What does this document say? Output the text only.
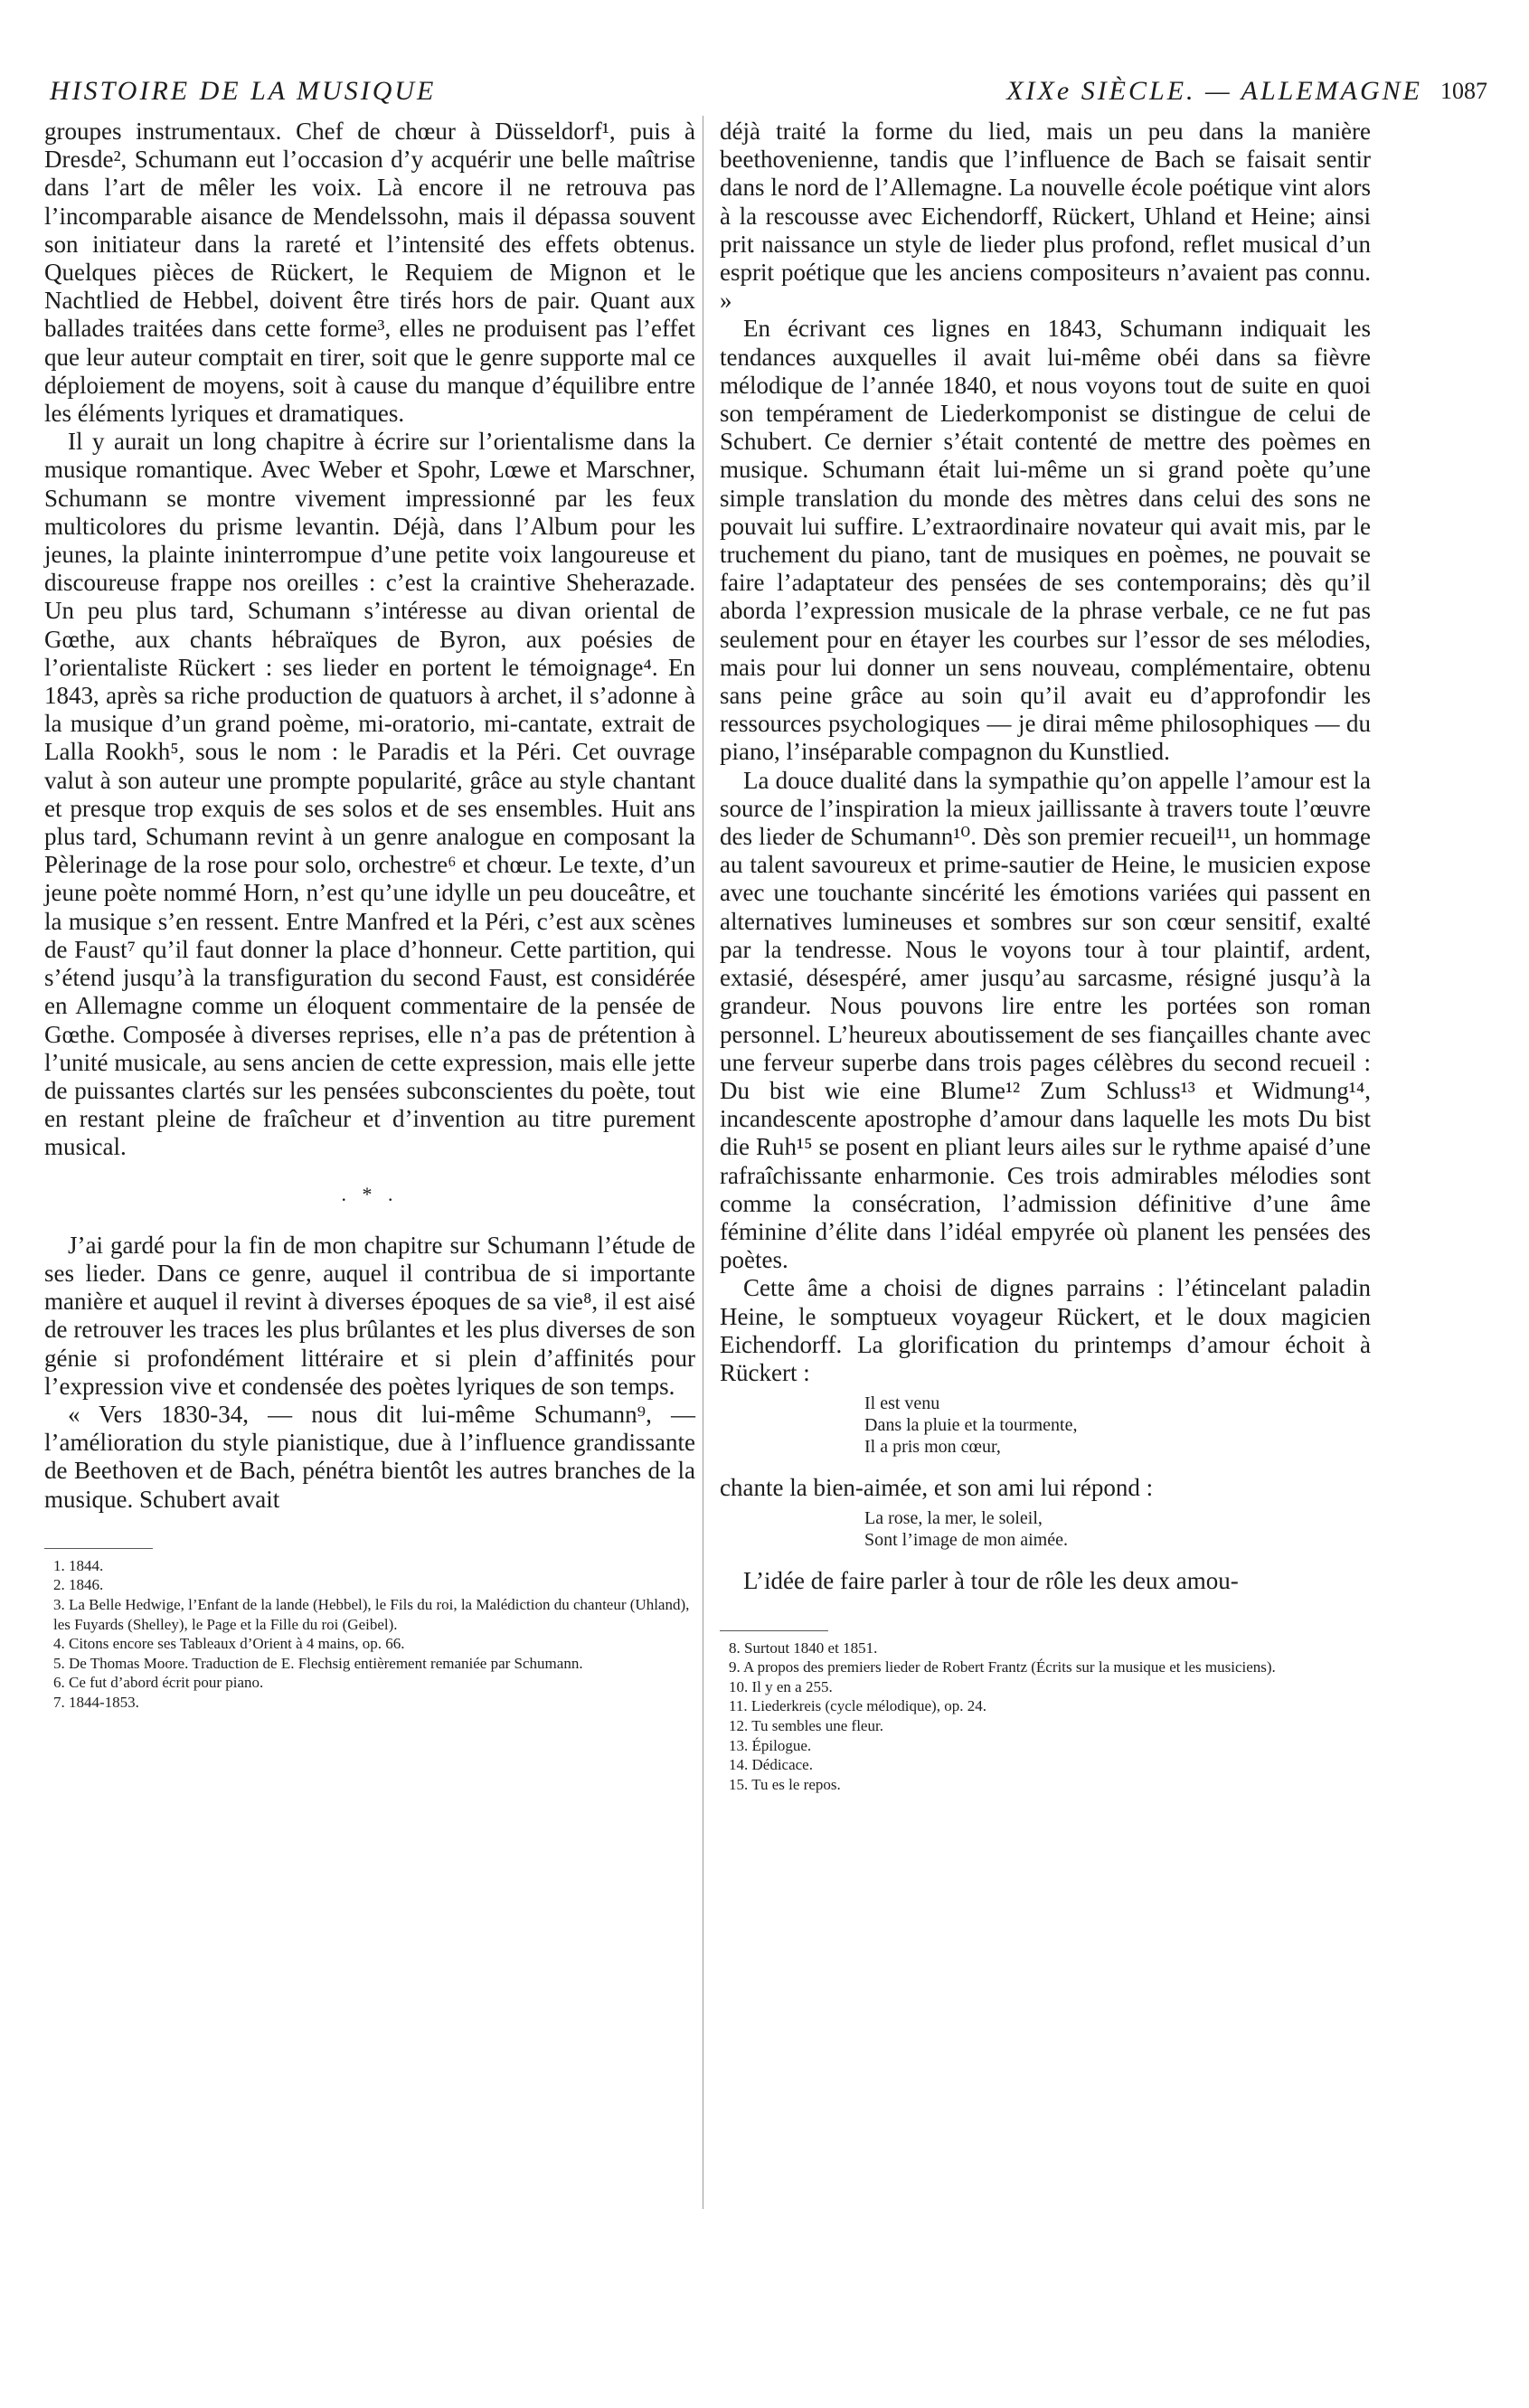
HISTOIRE DE LA MUSIQUE	XIXe SIÈCLE. — ALLEMAGNE 1087

groupes instrumentaux. Chef de chœur à Düsseldorf¹, puis à Dresde², Schumann eut l’occasion d’y acquérir une belle maîtrise dans l’art de mêler les voix. Là encore il ne retrouva pas l’incomparable aisance de Mendelssohn, mais il dépassa souvent son initiateur dans la rareté et l’intensité des effets obtenus. Quelques pièces de Rückert, le Requiem de Mignon et le Nachtlied de Hebbel, doivent être tirés hors de pair. Quant aux ballades traitées dans cette forme³, elles ne produisent pas l’effet que leur auteur comptait en tirer, soit que le genre supporte mal ce déploiement de moyens, soit à cause du manque d’équilibre entre les éléments lyriques et dramatiques.

Il y aurait un long chapitre à écrire sur l’orientalisme dans la musique romantique. Avec Weber et Spohr, Lœwe et Marschner, Schumann se montre vivement impressionné par les feux multicolores du prisme levantin. Déjà, dans l’Album pour les jeunes, la plainte ininterrompue d’une petite voix langoureuse et discoureuse frappe nos oreilles : c’est la craintive Sheherazade. Un peu plus tard, Schumann s’intéresse au divan oriental de Gœthe, aux chants hébraïques de Byron, aux poésies de l’orientaliste Rückert : ses lieder en portent le témoignage⁴. En 1843, après sa riche production de quatuors à archet, il s’adonne à la musique d’un grand poème, mi-oratorio, mi-cantate, extrait de Lalla Rookh⁵, sous le nom : le Paradis et la Péri. Cet ouvrage valut à son auteur une prompte popularité, grâce au style chantant et presque trop exquis de ses solos et de ses ensembles. Huit ans plus tard, Schumann revint à un genre analogue en composant la Pèlerinage de la rose pour solo, orchestre⁶ et chœur. Le texte, d’un jeune poète nommé Horn, n’est qu’une idylle un peu douceâtre, et la musique s’en ressent. Entre Manfred et la Péri, c’est aux scènes de Faust⁷ qu’il faut donner la place d’honneur. Cette partition, qui s’étend jusqu’à la transfiguration du second Faust, est considérée en Allemagne comme un éloquent commentaire de la pensée de Gœthe. Composée à diverses reprises, elle n’a pas de prétention à l’unité musicale, au sens ancien de cette expression, mais elle jette de puissantes clartés sur les pensées subconscientes du poète, tout en restant pleine de fraîcheur et d’invention au titre purement musical.

. * .

J’ai gardé pour la fin de mon chapitre sur Schumann l’étude de ses lieder. Dans ce genre, auquel il contribua de si importante manière et auquel il revint à diverses époques de sa vie⁸, il est aisé de retrouver les traces les plus brûlantes et les plus diverses de son génie si profondément littéraire et si plein d’affinités pour l’expression vive et condensée des poètes lyriques de son temps.

« Vers 1830-34, — nous dit lui-même Schumann⁹, — l’amélioration du style pianistique, due à l’influence grandissante de Beethoven et de Bach, pénétra bientôt les autres branches de la musique. Schubert avait

1. 1844.
2. 1846.
3. La Belle Hedwige, l’Enfant de la lande (Hebbel), le Fils du roi, la Malédiction du chanteur (Uhland), les Fuyards (Shelley), le Page et la Fille du roi (Geibel).
4. Citons encore ses Tableaux d’Orient à 4 mains, op. 66.
5. De Thomas Moore. Traduction de E. Flechsig entièrement remaniée par Schumann.
6. Ce fut d’abord écrit pour piano.
7. 1844-1853.

déjà traité la forme du lied, mais un peu dans la manière beethovenienne, tandis que l’influence de Bach se faisait sentir dans le nord de l’Allemagne. La nouvelle école poétique vint alors à la rescousse avec Eichendorff, Rückert, Uhland et Heine; ainsi prit naissance un style de lieder plus profond, reflet musical d’un esprit poétique que les anciens compositeurs n’avaient pas connu. »

En écrivant ces lignes en 1843, Schumann indiquait les tendances auxquelles il avait lui-même obéi dans sa fièvre mélodique de l’année 1840, et nous voyons tout de suite en quoi son tempérament de Liederkomponist se distingue de celui de Schubert. Ce dernier s’était contenté de mettre des poèmes en musique. Schumann était lui-même un si grand poète qu’une simple translation du monde des mètres dans celui des sons ne pouvait lui suffire. L’extraordinaire novateur qui avait mis, par le truchement du piano, tant de musiques en poèmes, ne pouvait se faire l’adaptateur des pensées de ses contemporains; dès qu’il aborda l’expression musicale de la phrase verbale, ce ne fut pas seulement pour en étayer les courbes sur l’essor de ses mélodies, mais pour lui donner un sens nouveau, complémentaire, obtenu sans peine grâce au soin qu’il avait eu d’approfondir les ressources psychologiques — je dirai même philosophiques — du piano, l’inséparable compagnon du Kunstlied.

La douce dualité dans la sympathie qu’on appelle l’amour est la source de l’inspiration la mieux jaillissante à travers toute l’œuvre des lieder de Schumann¹⁰. Dès son premier recueil¹¹, un hommage au talent savoureux et prime-sautier de Heine, le musicien expose avec une touchante sincérité les émotions variées qui passent en alternatives lumineuses et sombres sur son cœur sensitif, exalté par la tendresse. Nous le voyons tour à tour plaintif, ardent, extasié, désespéré, amer jusqu’au sarcasme, résigné jusqu’à la grandeur. Nous pouvons lire entre les portées son roman personnel. L’heureux aboutissement de ses fiançailles chante avec une ferveur superbe dans trois pages célèbres du second recueil : Du bist wie eine Blume¹² Zum Schluss¹³ et Widmung¹⁴, incandescente apostrophe d’amour dans laquelle les mots Du bist die Ruh¹⁵ se posent en pliant leurs ailes sur le rythme apaisé d’une rafraîchissante enharmonie. Ces trois admirables mélodies sont comme la consécration, l’admission définitive d’une âme féminine d’élite dans l’idéal empyrée où planent les pensées des poètes.

Cette âme a choisi de dignes parrains : l’étincelant paladin Heine, le somptueux voyageur Rückert, et le doux magicien Eichendorff. La glorification du printemps d’amour échoit à Rückert :

Il est venu
Dans la pluie et la tourmente,
Il a pris mon cœur,

chante la bien-aimée, et son ami lui répond :

La rose, la mer, le soleil,
Sont l’image de mon aimée.

L’idée de faire parler à tour de rôle les deux amou-

8. Surtout 1840 et 1851.
9. A propos des premiers lieder de Robert Frantz (Écrits sur la musique et les musiciens).
10. Il y en a 255.
11. Liederkreis (cycle mélodique), op. 24.
12. Tu sembles une fleur.
13. Épilogue.
14. Dédicace.
15. Tu es le repos.
